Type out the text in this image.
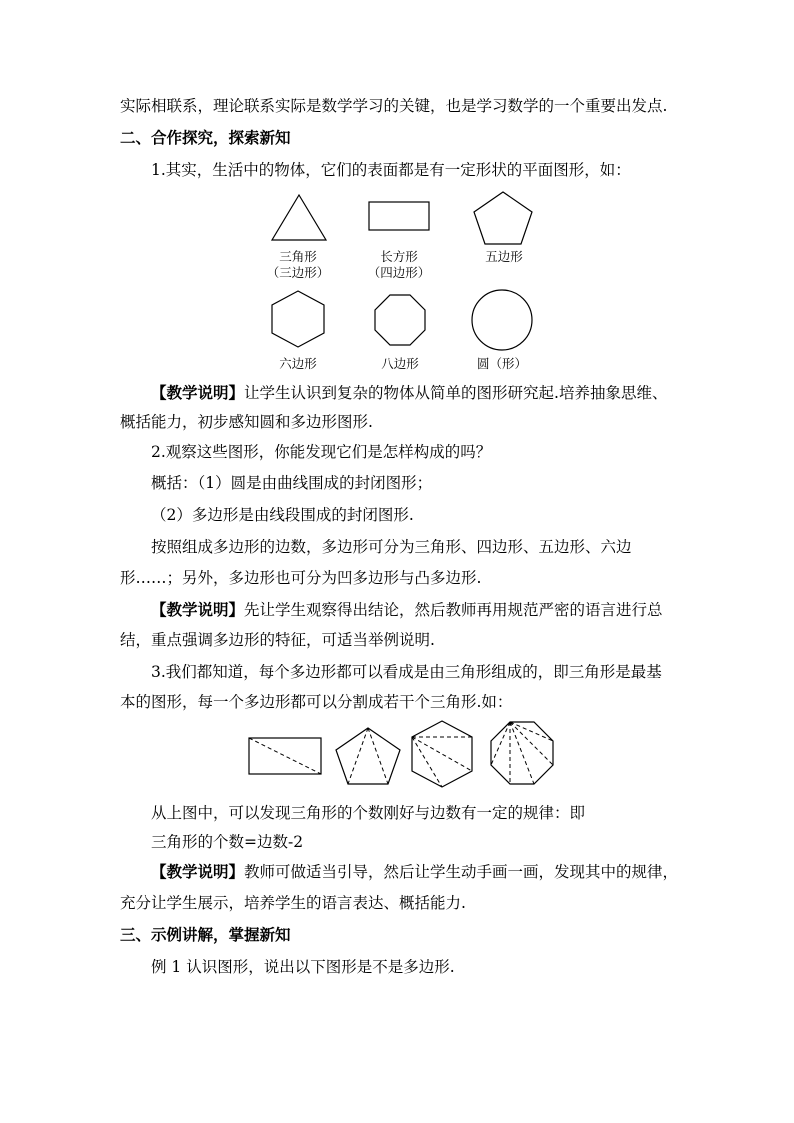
实际相联系，理论联系实际是数学学习的关键，也是学习数学的一个重要出发点.
二、合作探究，探索新知
1.其实，生活中的物体，它们的表面都是有一定形状的平面图形，如：
三角形
（三边形）
长方形
（四边形）
五边形
六边形	八边形	圆（形）
【教学说明】让学生认识到复杂的物体从简单的图形研究起.培养抽象思维、
概括能力，初步感知圆和多边形图形.
2.观察这些图形，你能发现它们是怎样构成的吗？
概括：（1）圆是由曲线围成的封闭图形；
（2）多边形是由线段围成的封闭图形.
按照组成多边形的边数，多边形可分为三角形、四边形、五边形、六边
形……；另外，多边形也可分为凹多边形与凸多边形.
【教学说明】先让学生观察得出结论，然后教师再用规范严密的语言进行总
结，重点强调多边形的特征，可适当举例说明.
3.我们都知道，每个多边形都可以看成是由三角形组成的，即三角形是最基
本的图形，每一个多边形都可以分割成若干个三角形.如：
从上图中，可以发现三角形的个数刚好与边数有一定的规律：即
三角形的个数=边数-2
【教学说明】教师可做适当引导，然后让学生动手画一画，发现其中的规律，
充分让学生展示，培养学生的语言表达、概括能力.
三、示例讲解，掌握新知
例 1 认识图形，说出以下图形是不是多边形.
